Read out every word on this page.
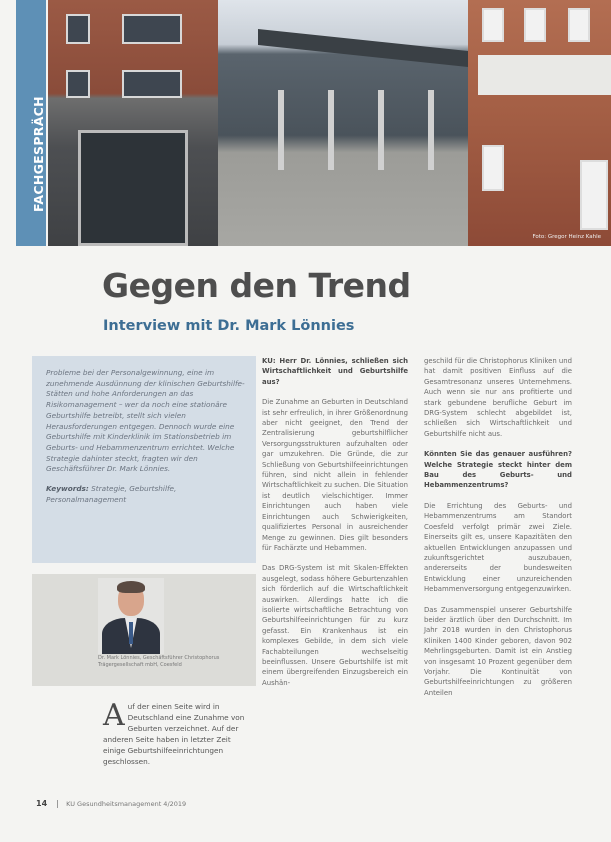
FACHGESPRÄCH
Foto: Gregor Heinz Kahle
Gegen den Trend
Interview mit Dr. Mark Lönnies

Probleme bei der Personalgewinnung, eine im zunehmende Ausdünnung der klinischen Geburtshilfe-Stätten und hohe Anforderungen an das Risikomanagement – wer da noch eine stationäre Geburtshilfe betreibt, stellt sich vielen Herausforderungen entgegen. Dennoch wurde eine Geburtshilfe mit Kinderklinik im Stationsbetrieb im Geburts- und Hebammenzentrum errichtet. Welche Strategie dahinter steckt, fragten wir den Geschäftsführer Dr. Mark Lönnies.

Keywords: Strategie, Geburtshilfe, Personalmanagement

Dr. Mark Lönnies, Geschäftsführer Christophorus Trägergesellschaft mbH, Coesfeld
Auf der einen Seite wird in Deutschland eine Zunahme von Geburten verzeichnet. Auf der anderen Seite haben in letzter Zeit einige Geburtshilfeeinrichtungen geschlossen.

KU: Herr Dr. Lönnies, schließen sich Wirtschaftlichkeit und Geburtshilfe aus?

Die Zunahme an Geburten in Deutschland ist sehr erfreulich, in ihrer Größenordnung aber nicht geeignet, den Trend der Zentralisierung geburtshilflicher Versorgungsstrukturen aufzuhalten oder gar umzukehren. Die Gründe, die zur Schließung von Geburtshilfeeinrichtungen führen, sind nicht allein in fehlender Wirtschaftlichkeit zu suchen. Die Situation ist deutlich vielschichtiger. Immer Einrichtungen auch haben viele Einrichtungen auch Schwierigkeiten, qualifiziertes Personal in ausreichender Menge zu gewinnen. Dies gilt besonders für Fachärzte und Hebammen.

Das DRG-System ist mit Skalen-Effekten ausgelegt, sodass höhere Geburtenzahlen sich förderlich auf die Wirtschaftlichkeit auswirken. Allerdings hatte ich die isolierte wirtschaftliche Betrachtung von Geburtshilfeeinrichtungen für zu kurz gefasst. Ein Krankenhaus ist ein komplexes Gebilde, in dem sich viele Fachabteilungen wechselseitig beeinflussen. Unsere Geburtshilfe ist mit einem übergreifenden Einzugsbereich ein Aushän-

geschild für die Christophorus Kliniken und hat damit positiven Einfluss auf die Gesamtresonanz unseres Unternehmens. Auch wenn sie nur ans profitierte und stark gebundene berufliche Geburt im DRG-System schlecht abgebildet ist, schließen sich Wirtschaftlichkeit und Geburtshilfe nicht aus.

Könnten Sie das genauer ausführen? Welche Strategie steckt hinter dem Bau des Geburts- und Hebammenzentrums?

Die Errichtung des Geburts- und Hebammenzentrums am Standort Coesfeld verfolgt primär zwei Ziele. Einerseits gilt es, unsere Kapazitäten den aktuellen Entwicklungen anzupassen und zukunftsgerichtet auszubauen, andererseits der bundesweiten Entwicklung einer unzureichenden Hebammenversorgung entgegenzuwirken.

Das Zusammenspiel unserer Geburtshilfe beider ärztlich über den Durchschnitt. Im Jahr 2018 wurden in den Christophorus Kliniken 1400 Kinder geboren, davon 902 Mehrlingsgeburten. Damit ist ein Anstieg von insgesamt 10 Prozent gegenüber dem Vorjahr. Die Kontinuität von Geburtshilfeeinrichtungen zu größeren Anteilen

14	KU Gesundheitsmanagement 4/2019
